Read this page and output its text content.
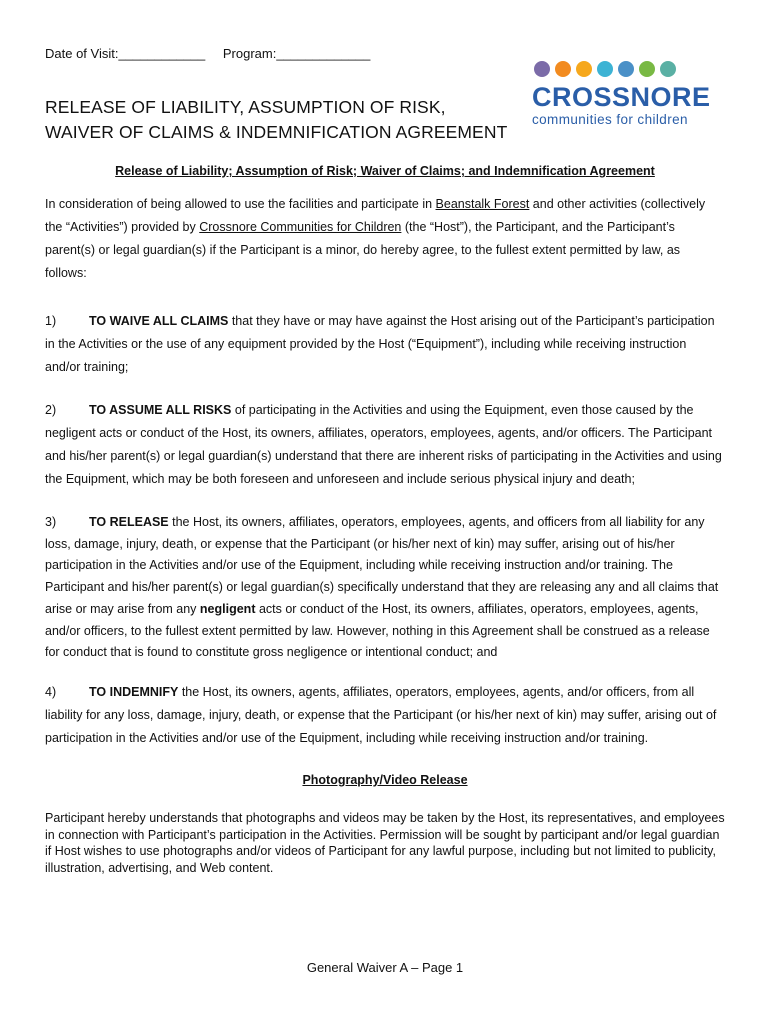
Date of Visit:____________ Program:_____________
CROSSNORE
communities for children
RELEASE OF LIABILITY, ASSUMPTION OF RISK,
WAIVER OF CLAIMS & INDEMNIFICATION AGREEMENT
Release of Liability; Assumption of Risk; Waiver of Claims; and Indemnification Agreement
In consideration of being allowed to use the facilities and participate in Beanstalk Forest and other activities (collectively the “Activities”) provided by Crossnore Communities for Children (the “Host”), the Participant, and the Participant’s parent(s) or legal guardian(s) if the Participant is a minor, do hereby agree, to the fullest extent permitted by law, as follows:
1)	TO WAIVE ALL CLAIMS that they have or may have against the Host arising out of the Participant’s participation in the Activities or the use of any equipment provided by the Host (“Equipment”), including while receiving instruction and/or training;
2)	TO ASSUME ALL RISKS of participating in the Activities and using the Equipment, even those caused by the negligent acts or conduct of the Host, its owners, affiliates, operators, employees, agents, and/or officers. The Participant and his/her parent(s) or legal guardian(s) understand that there are inherent risks of participating in the Activities and using the Equipment, which may be both foreseen and unforeseen and include serious physical injury and death;
3)	TO RELEASE the Host, its owners, affiliates, operators, employees, agents, and officers from all liability for any loss, damage, injury, death, or expense that the Participant (or his/her next of kin) may suffer, arising out of his/her participation in the Activities and/or use of the Equipment, including while receiving instruction and/or training. The Participant and his/her parent(s) or legal guardian(s) specifically understand that they are releasing any and all claims that arise or may arise from any negligent acts or conduct of the Host, its owners, affiliates, operators, employees, agents, and/or officers, to the fullest extent permitted by law. However, nothing in this Agreement shall be construed as a release for conduct that is found to constitute gross negligence or intentional conduct; and
4)	TO INDEMNIFY the Host, its owners, agents, affiliates, operators, employees, agents, and/or officers, from all liability for any loss, damage, injury, death, or expense that the Participant (or his/her next of kin) may suffer, arising out of participation in the Activities and/or use of the Equipment, including while receiving instruction and/or training.
Photography/Video Release
Participant hereby understands that photographs and videos may be taken by the Host, its representatives, and employees in connection with Participant’s participation in the Activities. Permission will be sought by participant and/or legal guardian if Host wishes to use photographs and/or videos of Participant for any lawful purpose, including but not limited to publicity, illustration, advertising, and Web content.
General Waiver A – Page 1
